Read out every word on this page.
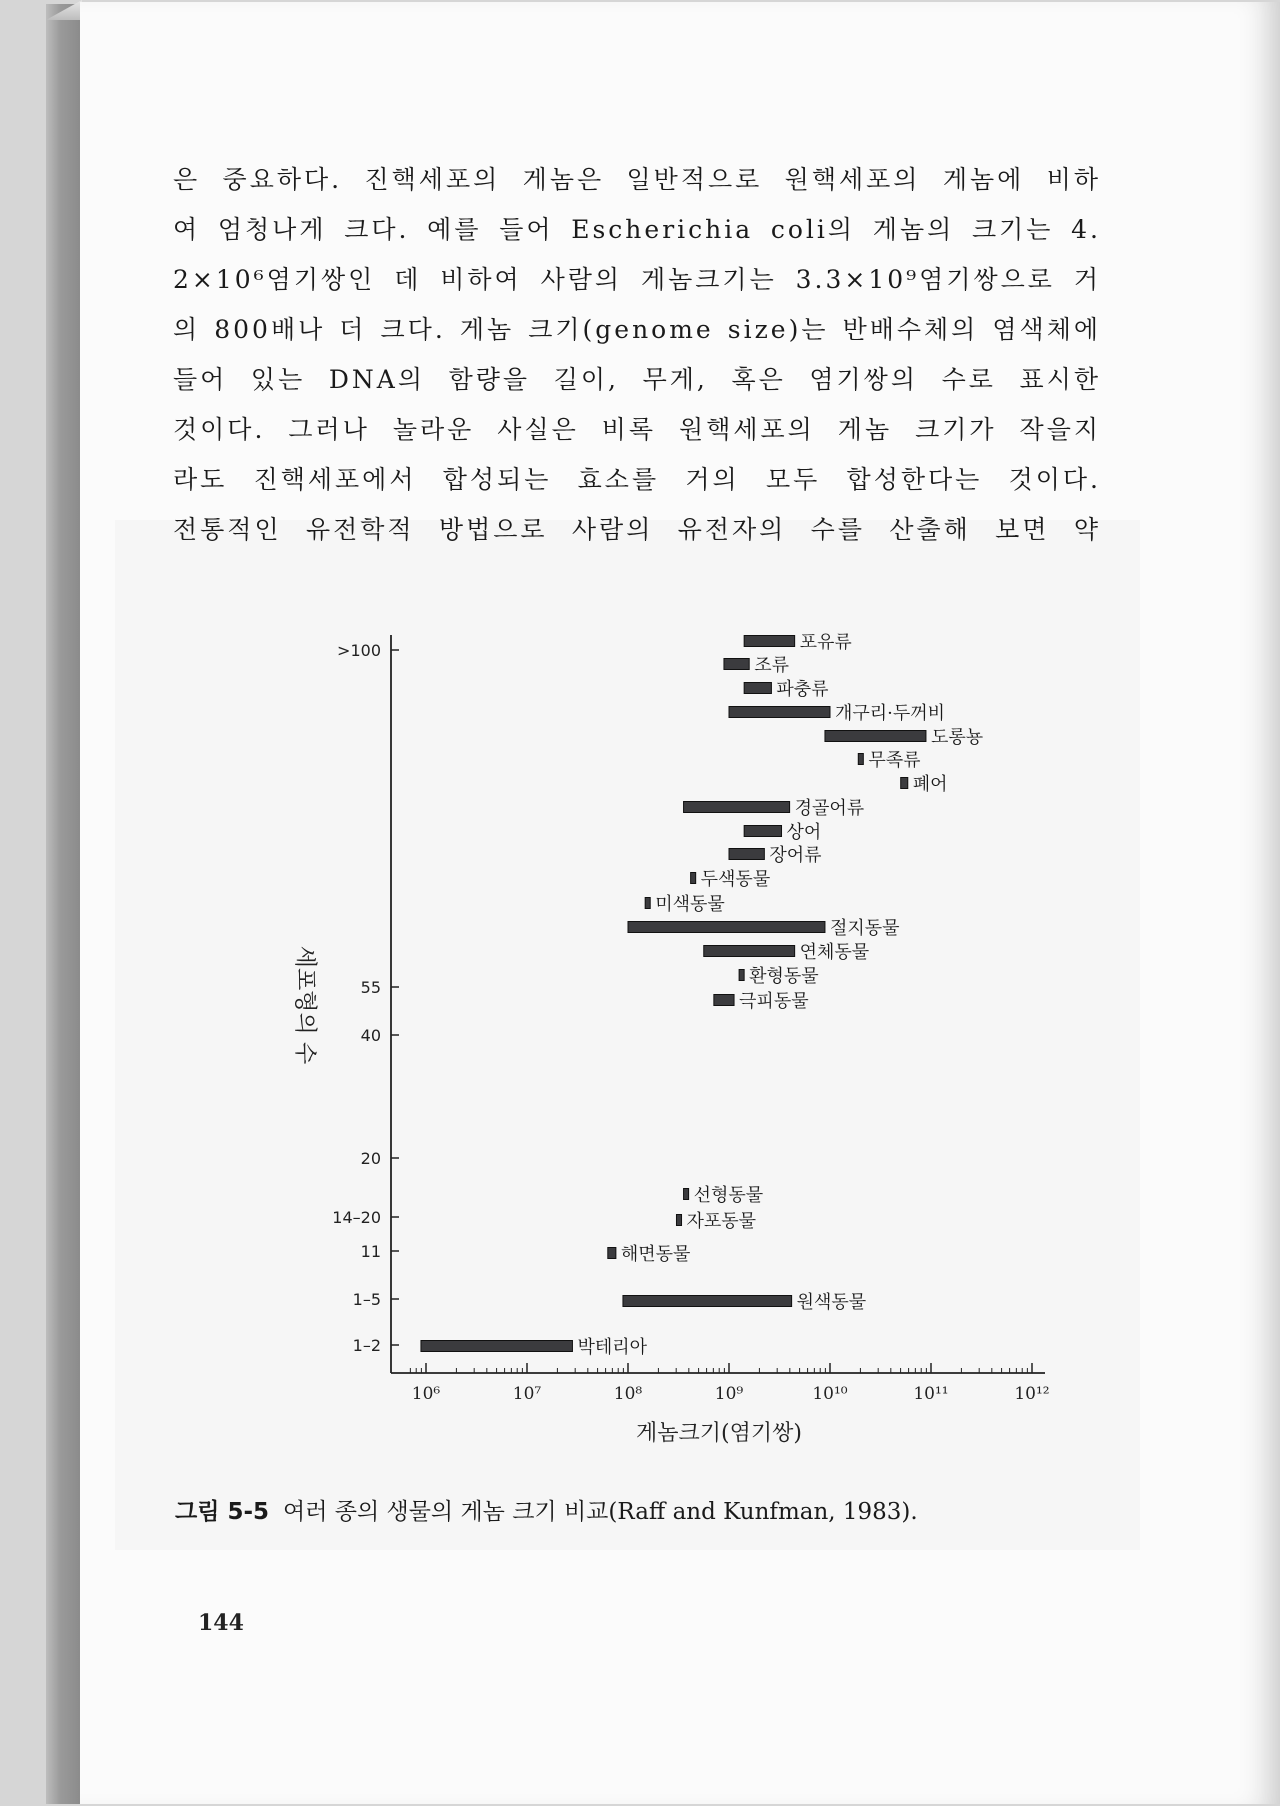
은 중요하다. 진핵세포의 게놈은 일반적으로 원핵세포의 게놈에 비하
여 엄청나게 크다. 예를 들어 Escherichia coli의 게놈의 크기는 4.
2×10⁶염기쌍인 데 비하여 사람의 게놈크기는 3.3×10⁹염기쌍으로 거
의 800배나 더 크다. 게놈 크기(genome size)는 반배수체의 염색체에
들어 있는 DNA의 함량을 길이, 무게, 혹은 염기쌍의 수로 표시한
것이다. 그러나 놀라운 사실은 비록 원핵세포의 게놈 크기가 작을지
라도 진핵세포에서 합성되는 효소를 거의 모두 합성한다는 것이다.
전통적인 유전학적 방법으로 사람의 유전자의 수를 산출해 보면 약
>100
55
40
20
14–20
11
1–5
1–2
10⁶	10⁷	10⁸	10⁹	10¹⁰	10¹¹	10¹²
게놈크기(염기쌍)
세포형의 수
포유류
조류
파충류
개구리·두꺼비
도롱뇽
무족류
폐어
경골어류
상어
장어류
두색동물
미색동물
절지동물
연체동물
환형동물
극피동물
선형동물
자포동물
해면동물
원색동물
박테리아
그림 5-5 여러 종의 생물의 게놈 크기 비교(Raff and Kunfman, 1983).
144
